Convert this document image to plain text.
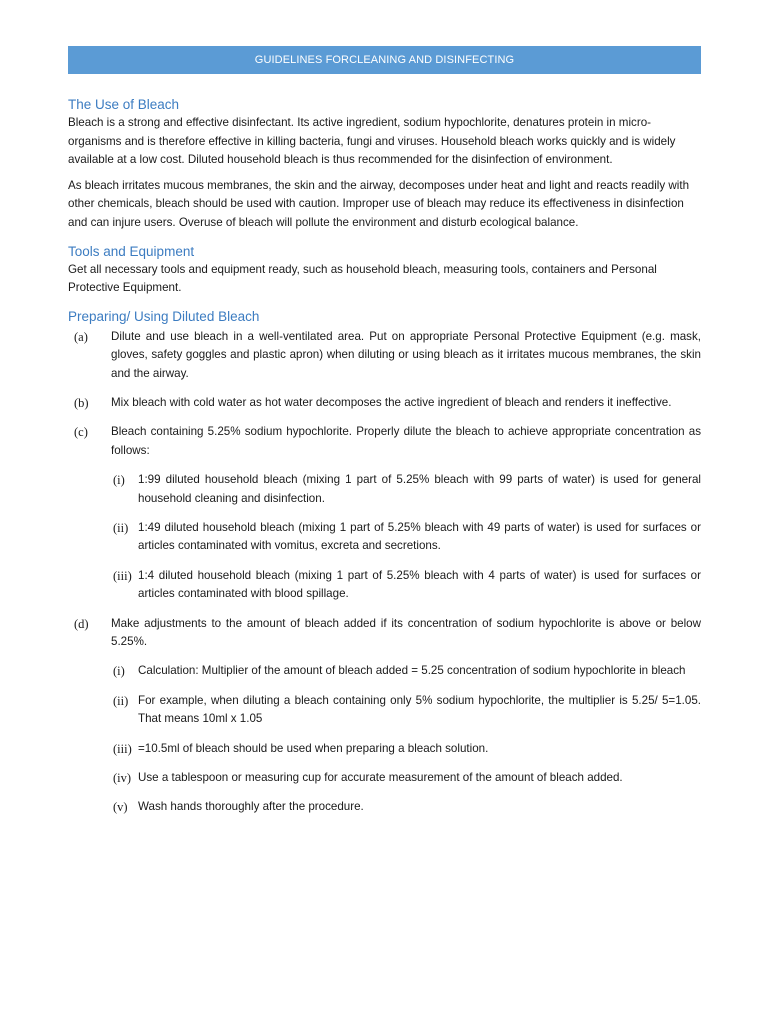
GUIDELINES FORCLEANING AND DISINFECTING
The Use of Bleach

Bleach is a strong and effective disinfectant. Its active ingredient, sodium hypochlorite, denatures protein in micro-organisms and is therefore effective in killing bacteria, fungi and viruses. Household bleach works quickly and is widely available at a low cost. Diluted household bleach is thus recommended for the disinfection of environment.

As bleach irritates mucous membranes, the skin and the airway, decomposes under heat and light and reacts readily with other chemicals, bleach should be used with caution. Improper use of bleach may reduce its effectiveness in disinfection and can injure users. Overuse of bleach will pollute the environment and disturb ecological balance.

Tools and Equipment

Get all necessary tools and equipment ready, such as household bleach, measuring tools, containers and Personal Protective Equipment.

Preparing/ Using Diluted Bleach
(a)	Dilute and use bleach in a well-ventilated area. Put on appropriate Personal Protective Equipment (e.g. mask, gloves, safety goggles and plastic apron) when diluting or using bleach as it irritates mucous membranes, the skin and the airway.
(b)	Mix bleach with cold water as hot water decomposes the active ingredient of bleach and renders it ineffective.
(c)	Bleach containing 5.25% sodium hypochlorite. Properly dilute the bleach to achieve appropriate concentration as follows:
(i)	1:99 diluted household bleach (mixing 1 part of 5.25% bleach with 99 parts of water) is used for general household cleaning and disinfection.
(ii) 1:49 diluted household bleach (mixing 1 part of 5.25% bleach with 49 parts of water) is used for surfaces or articles contaminated with vomitus, excreta and secretions.
(iii) 1:4 diluted household bleach (mixing 1 part of 5.25% bleach with 4 parts of water) is used for surfaces or articles contaminated with blood spillage.
(d)	Make adjustments to the amount of bleach added if its concentration of sodium hypochlorite is above or below 5.25%.
(i)	Calculation: Multiplier of the amount of bleach added = 5.25 concentration of sodium hypochlorite in bleach
(ii) For example, when diluting a bleach containing only 5% sodium hypochlorite, the multiplier is 5.25/ 5=1.05. That means 10ml x 1.05
(iii) =10.5ml of bleach should be used when preparing a bleach solution.
(iv) Use a tablespoon or measuring cup for accurate measurement of the amount of bleach added.
(v) Wash hands thoroughly after the procedure.
